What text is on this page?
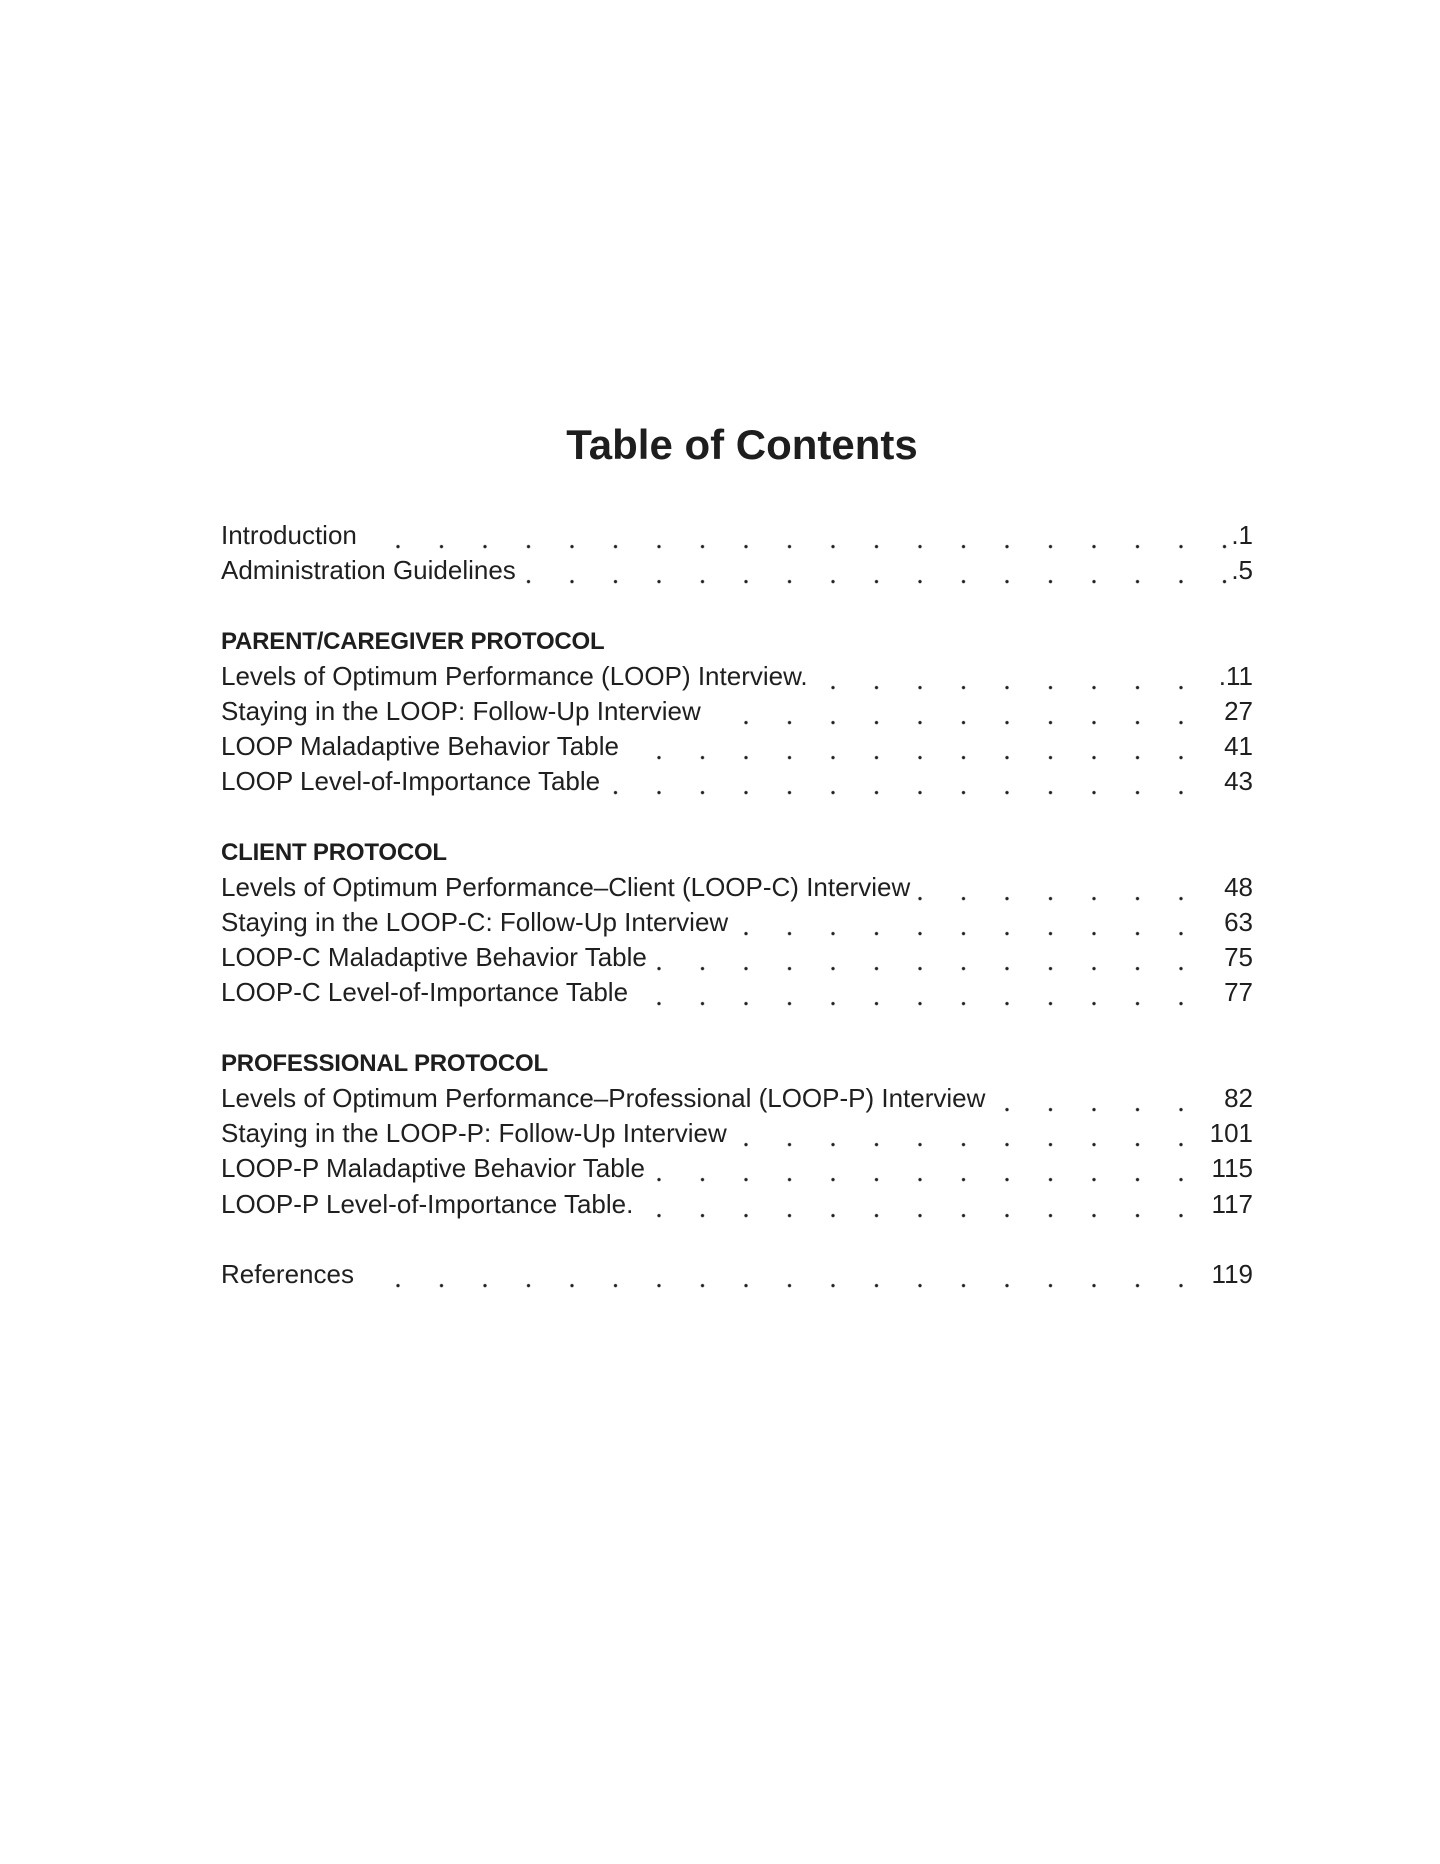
Table of Contents
Introduction	.1
Administration Guidelines	.5
PARENT/CAREGIVER PROTOCOL
Levels of Optimum Performance (LOOP) Interview.	.11
Staying in the LOOP: Follow-Up Interview	27
LOOP Maladaptive Behavior Table	41
LOOP Level-of-Importance Table	43
CLIENT PROTOCOL
Levels of Optimum Performance–Client (LOOP-C) Interview	48
Staying in the LOOP-C: Follow-Up Interview	63
LOOP-C Maladaptive Behavior Table	75
LOOP-C Level-of-Importance Table	77
PROFESSIONAL PROTOCOL
Levels of Optimum Performance–Professional (LOOP-P) Interview	82
Staying in the LOOP-P: Follow-Up Interview	101
LOOP-P Maladaptive Behavior Table	115
LOOP-P Level-of-Importance Table.	117
References	119
